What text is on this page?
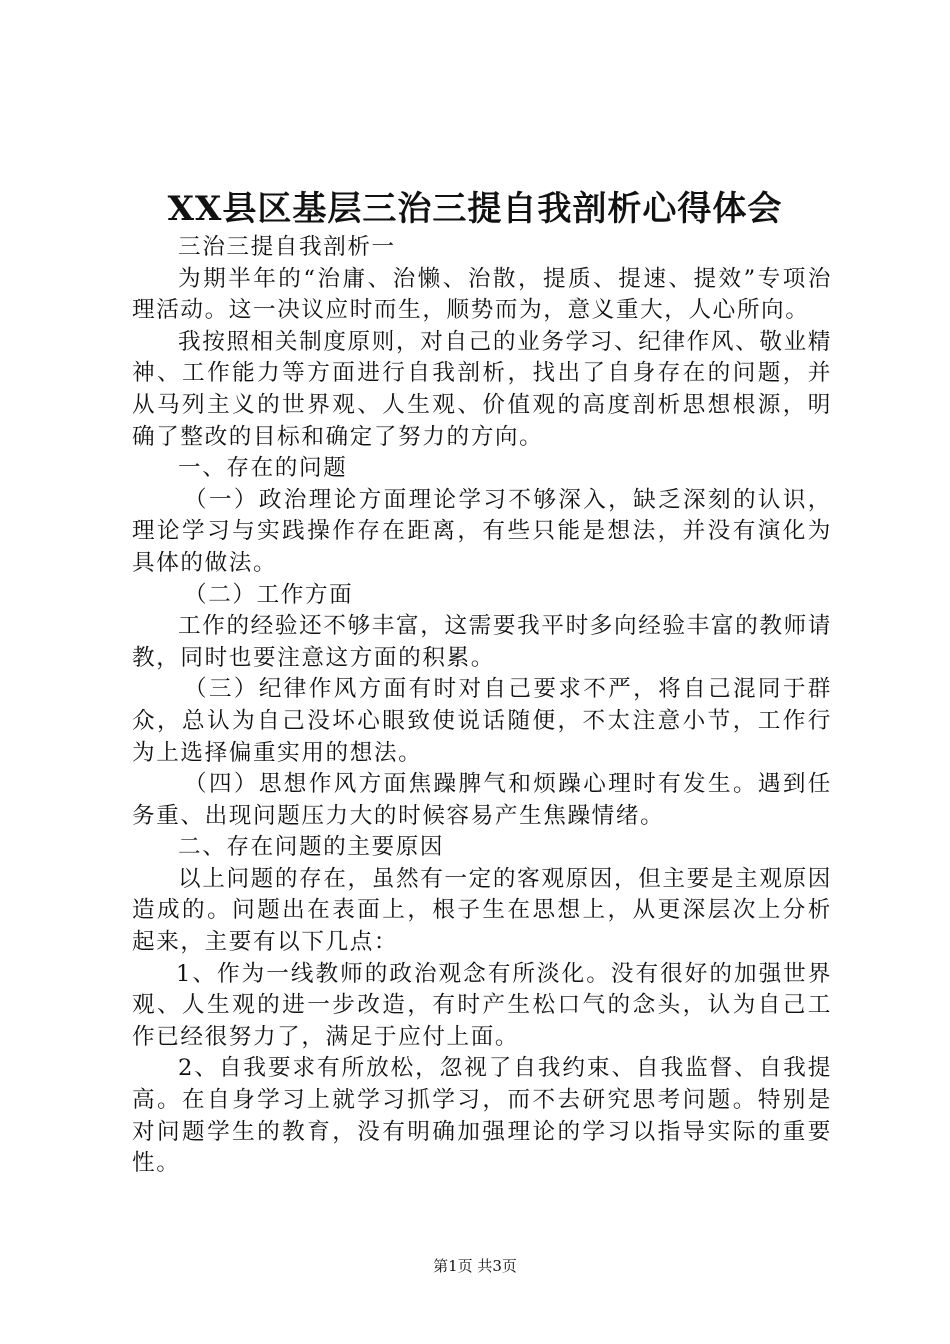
XX县区基层三治三提自我剖析心得体会

三治三提自我剖析一

为期半年的“治庸、治懒、治散，提质、提速、提效”专项治理活动。这一决议应时而生，顺势而为，意义重大，人心所向。

我按照相关制度原则，对自己的业务学习、纪律作风、敬业精神、工作能力等方面进行自我剖析，找出了自身存在的问题，并从马列主义的世界观、人生观、价值观的高度剖析思想根源，明确了整改的目标和确定了努力的方向。

一、存在的问题

（一）政治理论方面理论学习不够深入，缺乏深刻的认识，理论学习与实践操作存在距离，有些只能是想法，并没有演化为具体的做法。

（二）工作方面

工作的经验还不够丰富，这需要我平时多向经验丰富的教师请教，同时也要注意这方面的积累。

（三）纪律作风方面有时对自己要求不严，将自己混同于群众，总认为自己没坏心眼致使说话随便，不太注意小节，工作行为上选择偏重实用的想法。

（四）思想作风方面焦躁脾气和烦躁心理时有发生。遇到任务重、出现问题压力大的时候容易产生焦躁情绪。

二、存在问题的主要原因

以上问题的存在，虽然有一定的客观原因，但主要是主观原因造成的。问题出在表面上，根子生在思想上，从更深层次上分析起来，主要有以下几点：

1、作为一线教师的政治观念有所淡化。没有很好的加强世界观、人生观的进一步改造，有时产生松口气的念头，认为自己工作已经很努力了，满足于应付上面。

2、自我要求有所放松，忽视了自我约束、自我监督、自我提高。在自身学习上就学习抓学习，而不去研究思考问题。特别是对问题学生的教育，没有明确加强理论的学习以指导实际的重要性。

第1页 共3页
